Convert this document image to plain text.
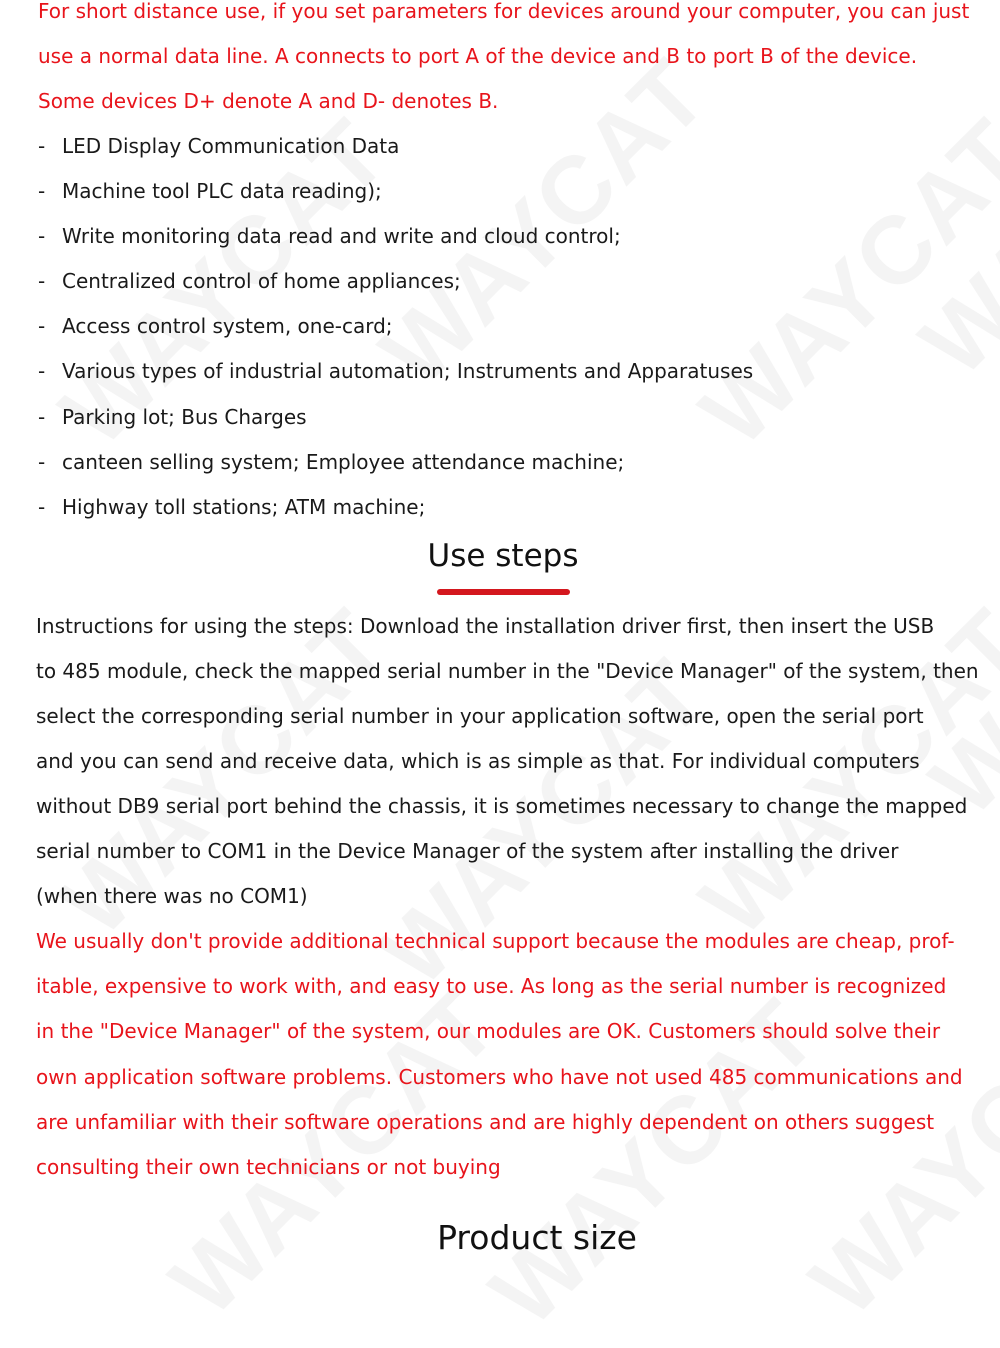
For short distance use, if you set parameters for devices around your computer, you can just

use a normal data line. A connects to port A of the device and B to port B of the device.

Some devices D+ denote A and D- denotes B.

- LED Display Communication Data
- Machine tool PLC data reading);
- Write monitoring data read and write and cloud control;
- Centralized control of home appliances;
- Access control system, one-card;
- Various types of industrial automation; Instruments and Apparatuses
- Parking lot; Bus Charges
- canteen selling system; Employee attendance machine;
- Highway toll stations; ATM machine;
Use steps

Instructions for using the steps: Download the installation driver first, then insert the USB

to 485 module, check the mapped serial number in the "Device Manager" of the system, then

select the corresponding serial number in your application software, open the serial port

and you can send and receive data, which is as simple as that. For individual computers

without DB9 serial port behind the chassis, it is sometimes necessary to change the mapped

serial number to COM1 in the Device Manager of the system after installing the driver

(when there was no COM1)

We usually don't provide additional technical support because the modules are cheap, prof-

itable, expensive to work with, and easy to use. As long as the serial number is recognized

in the "Device Manager" of the system, our modules are OK. Customers should solve their

own application software problems. Customers who have not used 485 communications and

are unfamiliar with their software operations and are highly dependent on others suggest

consulting their own technicians or not buying

Product size
